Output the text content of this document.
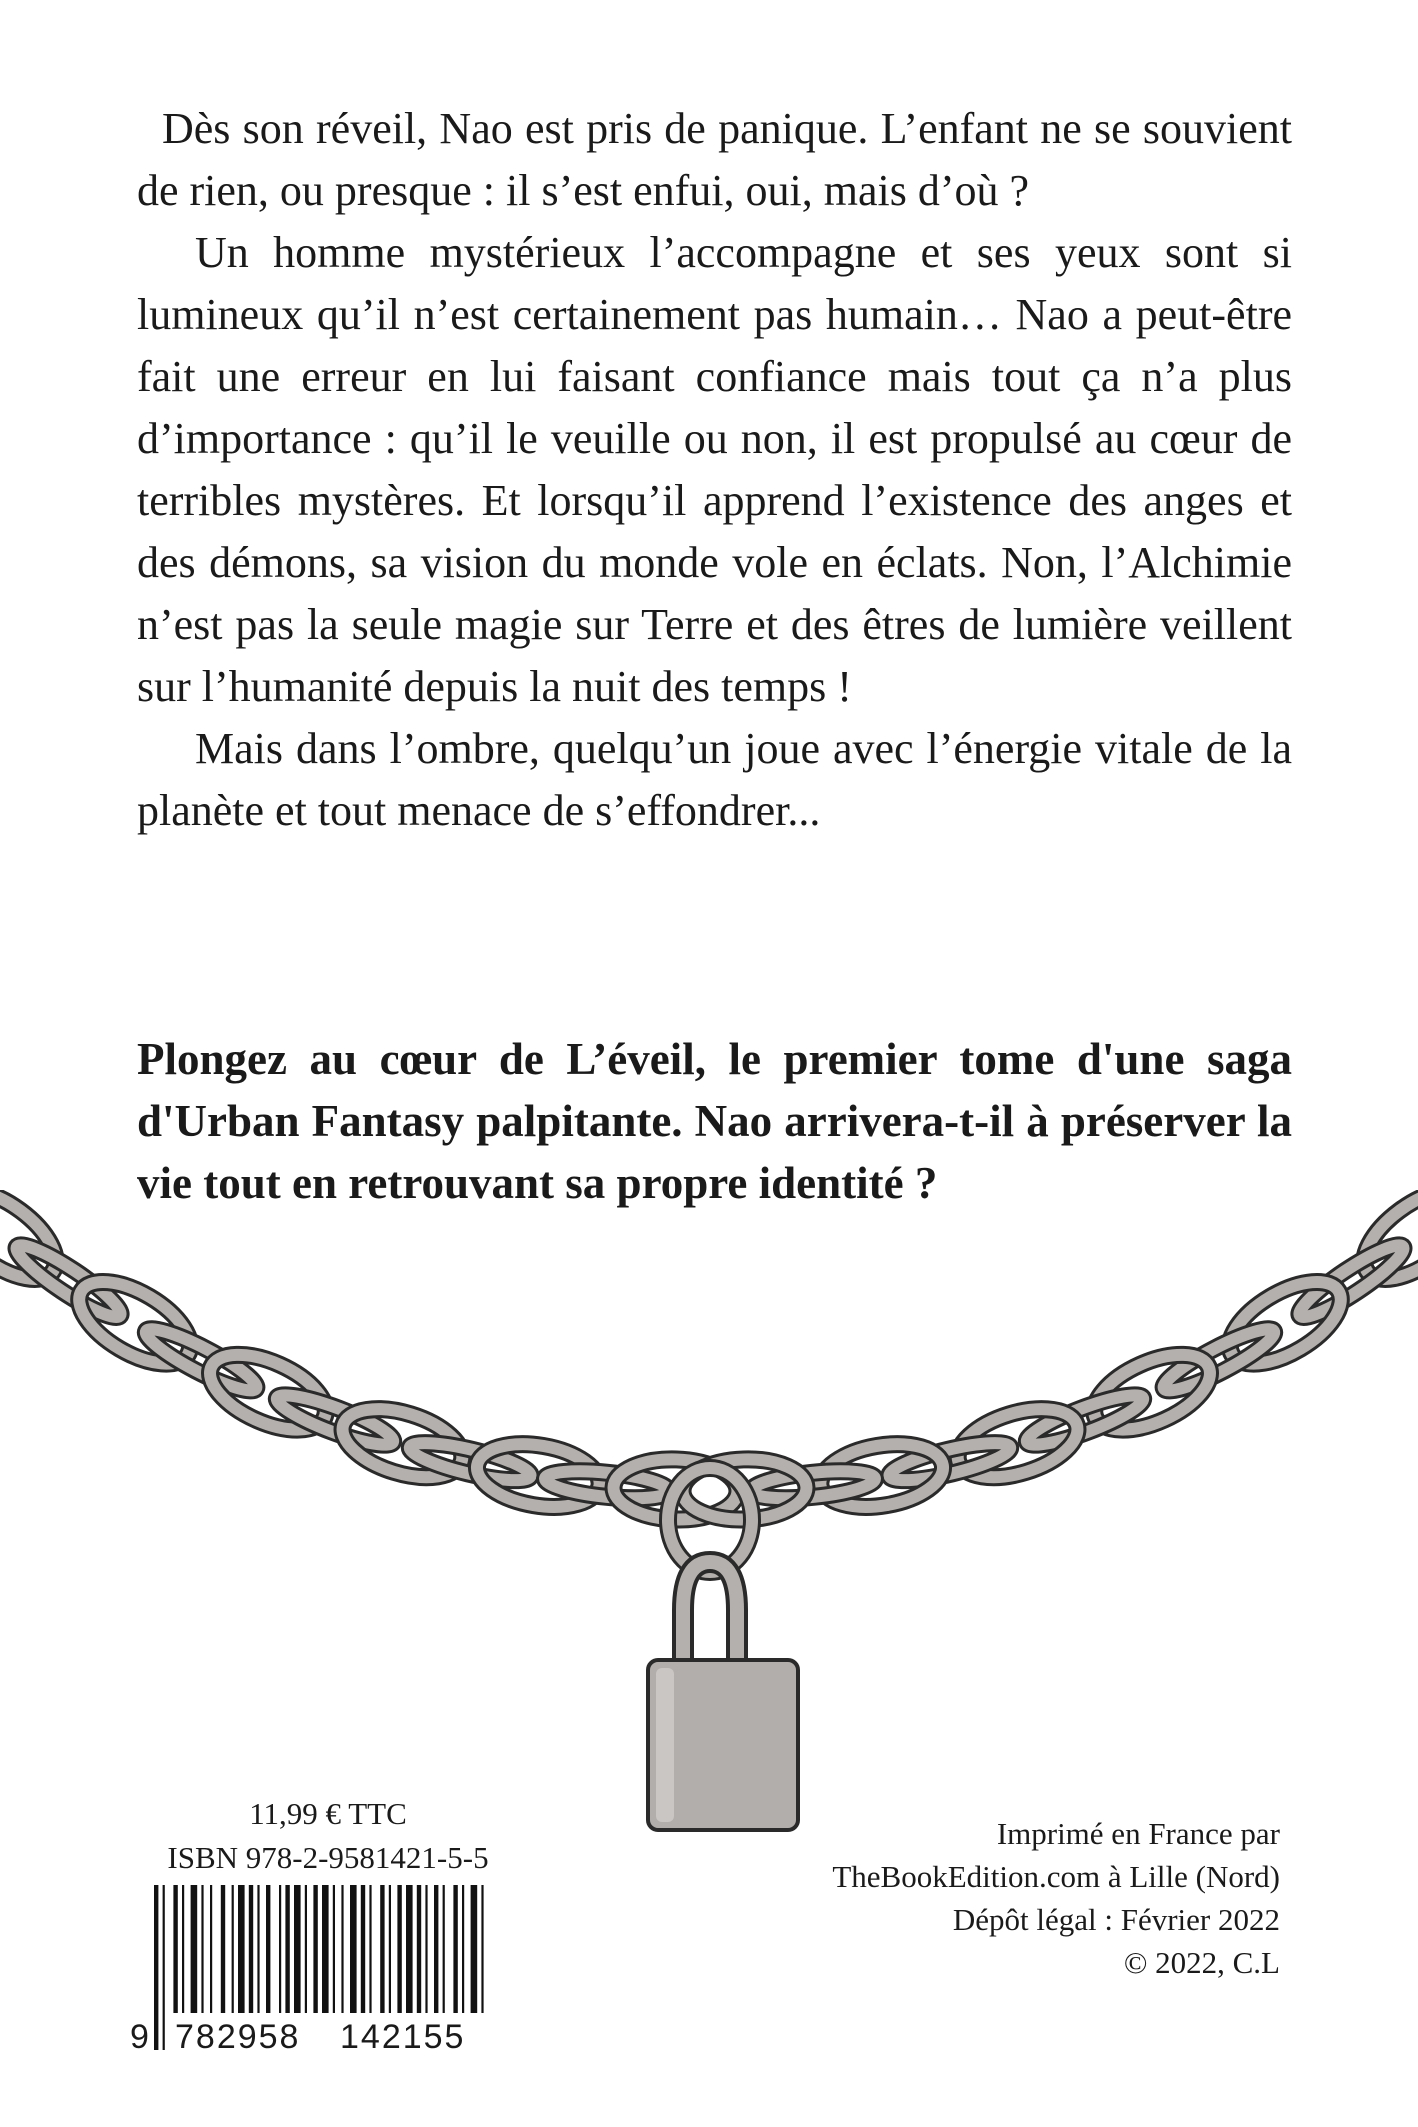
Dès son réveil, Nao est pris de panique. L’enfant ne se souvient de rien, ou presque : il s’est enfui, oui, mais d’où ?

Un homme mystérieux l’accompagne et ses yeux sont si lumineux qu’il n’est certainement pas humain… Nao a peut-être fait une erreur en lui faisant confiance mais tout ça n’a plus d’importance : qu’il le veuille ou non, il est propulsé au cœur de terribles mystères. Et lorsqu’il apprend l’existence des anges et des démons, sa vision du monde vole en éclats. Non, l’Alchimie n’est pas la seule magie sur Terre et des êtres de lumière veillent sur l’humanité depuis la nuit des temps !

Mais dans l’ombre, quelqu’un joue avec l’énergie vitale de la planète et tout menace de s’effondrer...

Plongez au cœur de L’éveil, le premier tome d'une saga d'Urban Fantasy palpitante. Nao arrivera-t-il à préserver la vie tout en retrouvant sa propre identité ?

11,99 € TTC
ISBN 978-2-9581421-5-5
9 782958 142155
Imprimé en France par
TheBookEdition.com à Lille (Nord)
Dépôt légal : Février 2022
© 2022, C.L
